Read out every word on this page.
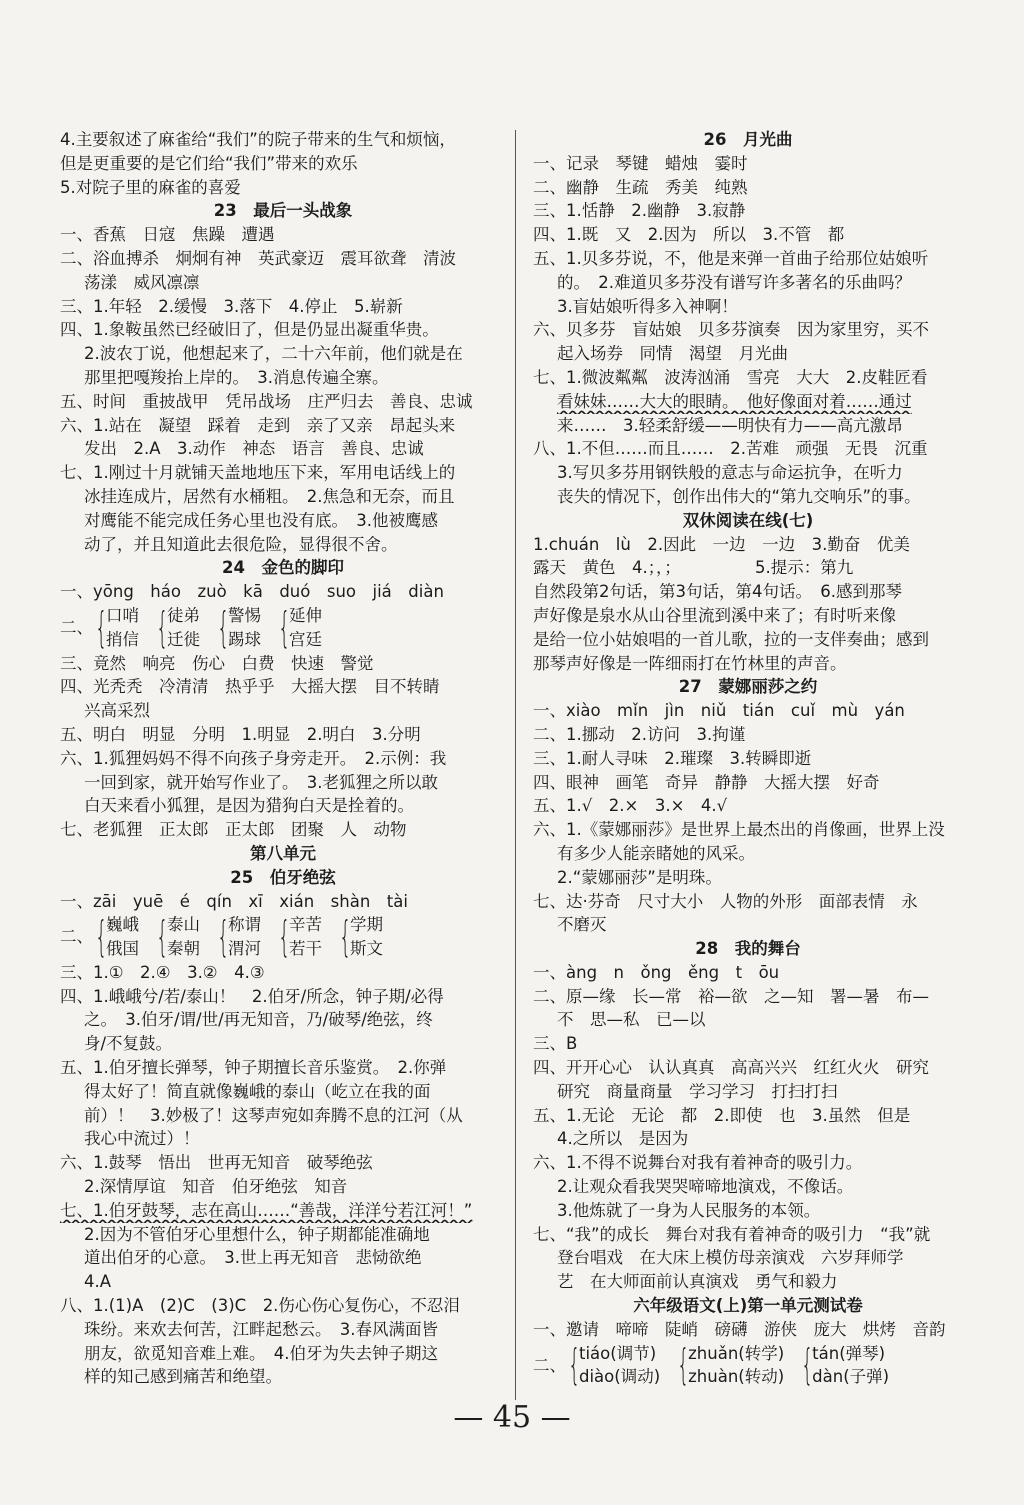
4.主要叙述了麻雀给“我们”的院子带来的生气和烦恼，
但是更重要的是它们给“我们”带来的欢乐
5.对院子里的麻雀的喜爱
23　最后一头战象
一、香蕉　日寇　焦躁　遭遇
二、浴血搏杀　炯炯有神　英武豪迈　震耳欲聋　清波
荡漾　威风凛凛
三、1.年轻　2.缓慢　3.落下　4.停止　5.崭新
四、1.象鞍虽然已经破旧了，但是仍显出凝重华贵。
2.波农丁说，他想起来了，二十六年前，他们就是在
那里把嘎羧抬上岸的。　3.消息传遍全寨。
五、时间　重披战甲　凭吊战场　庄严归去　善良、忠诚
六、1.站在　凝望　踩着　走到　亲了又亲　昂起头来
发出　2.A　3.动作　神态　语言　善良、忠诚
七、1.刚过十月就铺天盖地地压下来，军用电话线上的
冰挂连成片，居然有水桶粗。　2.焦急和无奈，而且
对鹰能不能完成任务心里也没有底。　3.他被鹰感
动了，并且知道此去很危险，显得很不舍。
24　金色的脚印
一、yōng　háo　zuò　kā　duó　suo　jiá　diàn
二、 {
口哨
捎信 {
徒弟
迁徙 {
警惕
踢球 {
延伸
宫廷
三、竟然　响亮　伤心　白费　快速　警觉
四、光秃秃　冷清清　热乎乎　大摇大摆　目不转睛
兴高采烈
五、明白　明显　分明　1.明显　2.明白　3.分明
六、1.狐狸妈妈不得不向孩子身旁走开。　2.示例：我
一回到家，就开始写作业了。　3.老狐狸之所以敢
白天来看小狐狸，是因为猎狗白天是拴着的。
七、老狐狸　正太郎　正太郎　团聚　人　动物
第八单元
25　伯牙绝弦
一、zāi　yuē　é　qín　xī　xián　shàn　tài
二、 {
巍峨
俄国 {
泰山
秦朝 {
称谓
渭河 {
辛苦
若干 {
学期
斯文
三、1.①　2.④　3.②　4.③
四、1.峨峨兮/若/泰山！　2.伯牙/所念，钟子期/必得
之。　3.伯牙/谓/世/再无知音，乃/破琴/绝弦，终
身/不复鼓。
五、1.伯牙擅长弹琴，钟子期擅长音乐鉴赏。　2.你弹
得太好了！简直就像巍峨的泰山（屹立在我的面
前）！　3.妙极了！这琴声宛如奔腾不息的江河（从
我心中流过）！
六、1.鼓琴　悟出　世再无知音　破琴绝弦
2.深情厚谊　知音　伯牙绝弦　知音
七、1.伯牙鼓琴，志在高山……“善哉，洋洋兮若江河！”
2.因为不管伯牙心里想什么，钟子期都能准确地
道出伯牙的心意。　3.世上再无知音　悲恸欲绝
4.A
八、1.(1)A　(2)C　(3)C　2.伤心伤心复伤心，不忍泪
珠纷。来欢去何苦，江畔起愁云。　3.春风满面皆
朋友，欲觅知音难上难。　4.伯牙为失去钟子期这
样的知己感到痛苦和绝望。
26　月光曲
一、记录　琴键　蜡烛　霎时
二、幽静　生疏　秀美　纯熟
三、1.恬静　2.幽静　3.寂静
四、1.既　又　2.因为　所以　3.不管　都
五、1.贝多芬说，不，他是来弹一首曲子给那位姑娘听
的。　2.难道贝多芬没有谱写许多著名的乐曲吗？
3.盲姑娘听得多入神啊！
六、贝多芬　盲姑娘　贝多芬演奏　因为家里穷，买不
起入场券　同情　渴望　月光曲
七、1.微波粼粼　波涛汹涌　雪亮　大大　2.皮鞋匠看
看妹妹……大大的眼睛。　他好像面对着……通过
来……　3.轻柔舒缓——明快有力——高亢激昂
八、1.不但……而且……　2.苦难　顽强　无畏　沉重
3.写贝多芬用钢铁般的意志与命运抗争，在听力
丧失的情况下，创作出伟大的“第九交响乐”的事。
双休阅读在线(七)
1.chuán　lù　2.因此　一边　一边　3.勤奋　优美
露天　黄色　4.；，；　　　　　5.提示：第九
自然段第2句话，第3句话，第4句话。　6.感到那琴
声好像是泉水从山谷里流到溪中来了；有时听来像
是给一位小姑娘唱的一首儿歌，拉的一支伴奏曲；感到
那琴声好像是一阵细雨打在竹林里的声音。
27　蒙娜丽莎之约
一、xiào　mǐn　jìn　niǔ　tián　cuǐ　mù　yán
二、1.挪动　2.访问　3.拘谨
三、1.耐人寻味　2.璀璨　3.转瞬即逝
四、眼神　画笔　奇异　静静　大摇大摆　好奇
五、1.√　2.×　3.×　4.√
六、1.《蒙娜丽莎》是世界上最杰出的肖像画，世界上没
有多少人能亲睹她的风采。
2.“蒙娜丽莎”是明珠。
七、达·芬奇　尺寸大小　人物的外形　面部表情　永
不磨灭
28　我的舞台
一、àng　n　ǒng　ěng　t　ōu
二、原—缘　长—常　裕—欲　之—知　署—暑　布—
不　思—私　已—以
三、B
四、开开心心　认认真真　高高兴兴　红红火火　研究
研究　商量商量　学习学习　打扫打扫
五、1.无论　无论　都　2.即使　也　3.虽然　但是
4.之所以　是因为
六、1.不得不说舞台对我有着神奇的吸引力。
2.让观众看我哭哭啼啼地演戏，不像话。
3.他炼就了一身为人民服务的本领。
七、“我”的成长　舞台对我有着神奇的吸引力　“我”就
登台唱戏　在大床上模仿母亲演戏　六岁拜师学
艺　在大师面前认真演戏　勇气和毅力
六年级语文(上)第一单元测试卷
一、邀请　啼啼　陡峭　磅礴　游侠　庞大　烘烤　音韵
二、 {
tiáo(调节)
diào(调动) {
zhuǎn(转学)
zhuàn(转动) {
tán(弹琴)
dàn(子弹)
— 45 —
